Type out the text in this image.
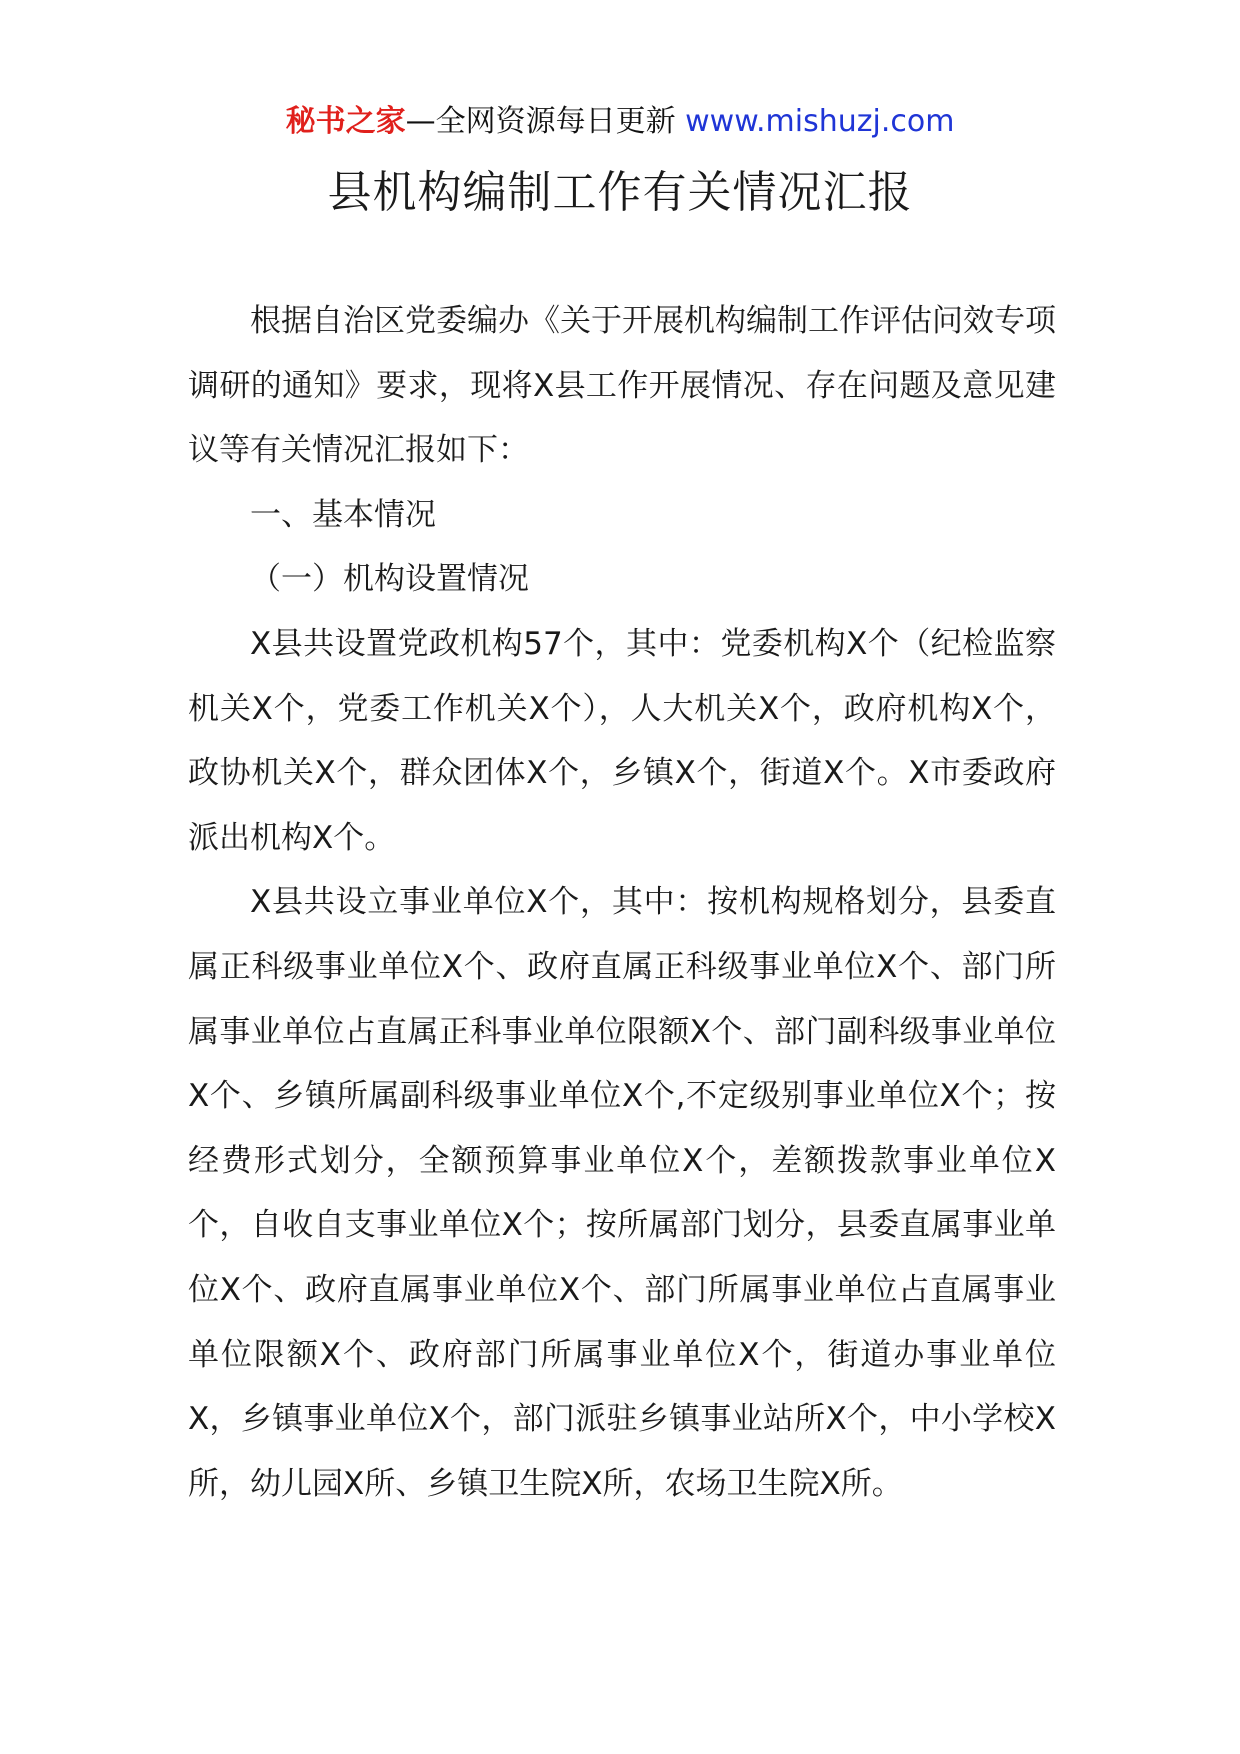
秘书之家—全网资源每日更新 www.mishuzj.com
县机构编制工作有关情况汇报

根据自治区党委编办《关于开展机构编制工作评估问效专项调研的通知》要求，现将X县工作开展情况、存在问题及意见建议等有关情况汇报如下：

一、基本情况

（一）机构设置情况

X县共设置党政机构57个，其中：党委机构X个（纪检监察机关X个，党委工作机关X个），人大机关X个，政府机构X个，政协机关X个，群众团体X个，乡镇X个，街道X个。X市委政府派出机构X个。

X县共设立事业单位X个，其中：按机构规格划分，县委直属正科级事业单位X个、政府直属正科级事业单位X个、部门所属事业单位占直属正科事业单位限额X个、部门副科级事业单位X个、乡镇所属副科级事业单位X个,不定级别事业单位X个；按经费形式划分，全额预算事业单位X个，差额拨款事业单位X个，自收自支事业单位X个；按所属部门划分，县委直属事业单位X个、政府直属事业单位X个、部门所属事业单位占直属事业单位限额X个、政府部门所属事业单位X个，街道办事业单位X，乡镇事业单位X个，部门派驻乡镇事业站所X个，中小学校X所，幼儿园X所、乡镇卫生院X所，农场卫生院X所。
